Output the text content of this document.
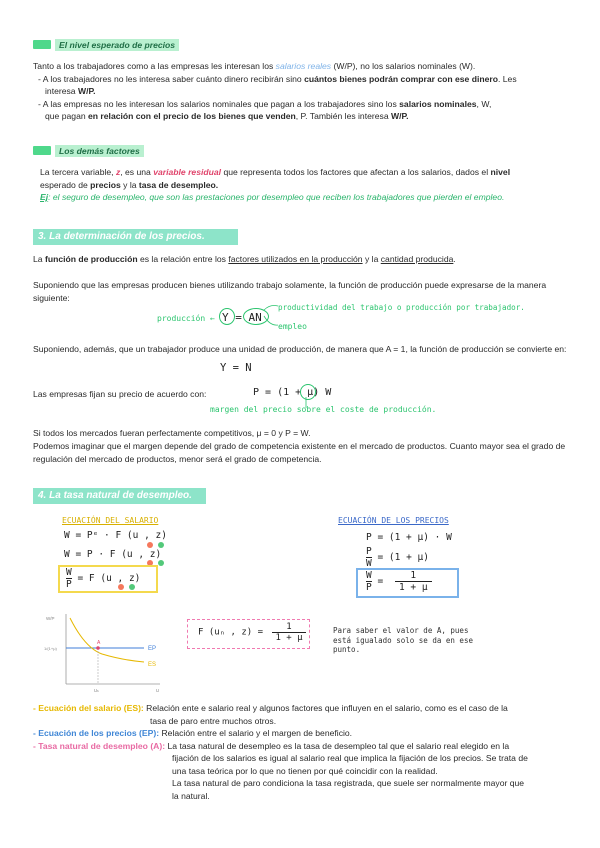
El nivel esperado de precios
Tanto a los trabajadores como a las empresas les interesan los salarios reales (W/P), no los salarios nominales (W).
- A los trabajadores no les interesa saber cuánto dinero recibirán sino cuántos bienes podrán comprar con ese dinero. Les
interesa W/P.
- A las empresas no les interesan los salarios nominales que pagan a los trabajadores sino los salarios nominales, W,
que pagan en relación con el precio de los bienes que venden, P. También les interesa W/P.
Los demás factores
La tercera variable, z, es una variable residual que representa todos los factores que afectan a los salarios, dados el nivel
esperado de precios y la tasa de desempleo.
Ej: el seguro de desempleo, que son las prestaciones por desempleo que reciben los trabajadores que pierden el empleo.
3. La determinación de los precios.
La función de producción es la relación entre los factores utilizados en la producción y la cantidad producida.
Suponiendo que las empresas producen bienes utilizando trabajo solamente, la función de producción puede expresarse de la manera siguiente:
producción ← Y = AN
productividad del trabajo o producción por trabajador.
empleo
Suponiendo, además, que un trabajador produce una unidad de producción, de manera que A = 1, la función de producción se convierte en:
Y = N
Las empresas fijan su precio de acuerdo con:	P = (1 + μ) W
margen del precio sobre el coste de producción.
Si todos los mercados fueran perfectamente competitivos, μ = 0 y P = W.
Podemos imaginar que el margen depende del grado de competencia existente en el mercado de productos. Cuanto mayor sea el grado de regulación del mercado de productos, menor será el grado de competencia.
4. La tasa natural de desempleo.
ECUACIÓN DEL SALARIO
W = Pᵉ · F (u , z)
W = P · F (u , z)
$\frac{W}{P} = F$ (u , z)
ECUACIÓN DE LOS PRECIOS
P = (1 + μ) · W
$\frac{P}{W} = (1 + \mu)$
$\frac{W}{P} = \frac{1}{1 + \mu}$
W/P
1/(1+μ)
uₙ	u
A
EP
ES
F (uₙ , $z) = \frac{1}{1 + \mu}$	Para saber el valor de A, pues está igualado solo se da en ese punto.
- Ecuación del salario (ES): Relación ente e salario real y algunos factores que influyen en el salario, como es el caso de la
tasa de paro entre muchos otros.
- Ecuación de los precios (EP): Relación entre el salario y el margen de beneficio.
- Tasa natural de desempleo (A): La tasa natural de desempleo es la tasa de desempleo tal que el salario real elegido en la
fijación de los salarios es igual al salario real que implica la fijación de los precios. Se trata de
una tasa teórica por lo que no tienen por qué coincidir con la realidad.
La tasa natural de paro condiciona la tasa registrada, que suele ser normalmente mayor que
la natural.
